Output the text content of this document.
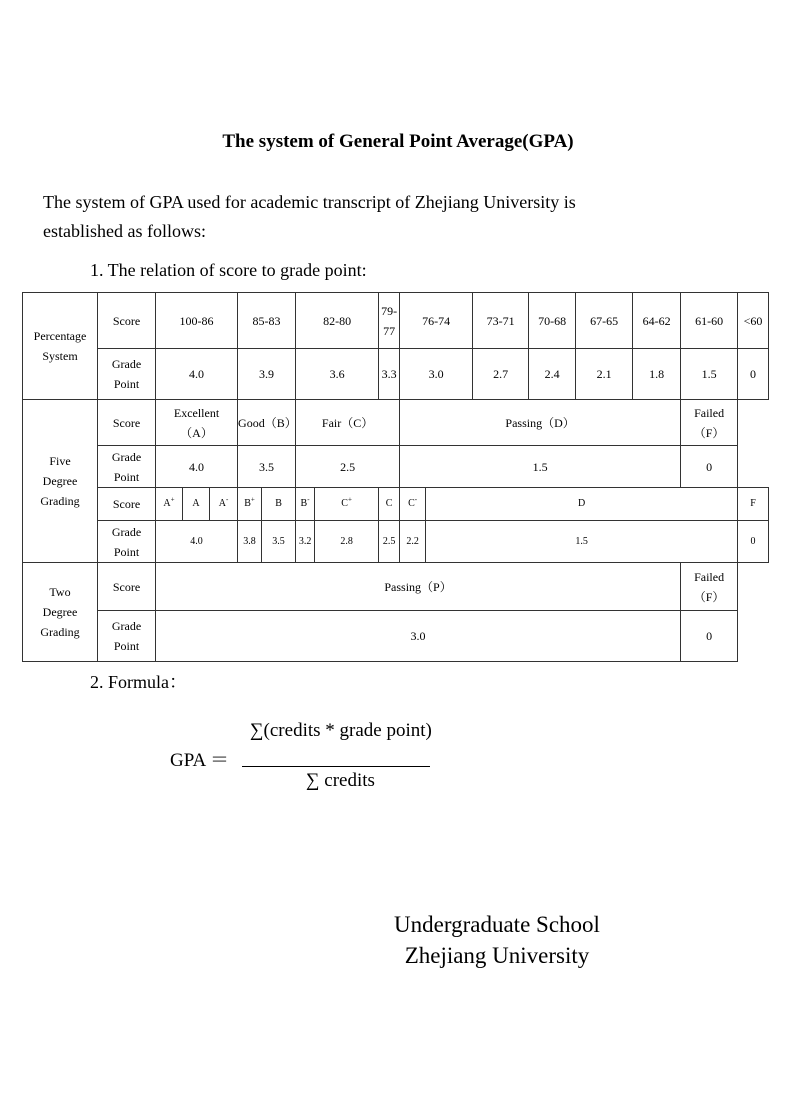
The system of General Point Average(GPA)
The system of GPA used for academic transcript of Zhejiang University is
established as follows:
1. The relation of score to grade point:
Percentage
System	Score	100-86			85-83		82-80		79-77	76-74		73-71	70-68	67-65	64-62	61-60	<60

	Grade
Point	4.0			3.9		3.6		3.3	3.0		2.7	2.4	2.1	1.8	1.5	0

Five
Degree
Grading	Score	Excellent
（A）			Good（B）		Fair（C）			Passing（D）						Failed
（F）	

	Grade
Point	4.0			3.5		2.5			1.5						0	
	Score	A+	A	A-	B+	B	B-	C+	C	C-	D						F

	Grade
Point	4.0			3.8	3.5	3.2	2.8	2.5	2.2	1.5						0

Two
Degree
Grading	Score	Passing（P）														Failed
（F）	

	Grade
Point	3.0														0	
2. Formula：
GPA ＝
∑(credits * grade point)
∑ credits
Undergraduate School
Zhejiang University
